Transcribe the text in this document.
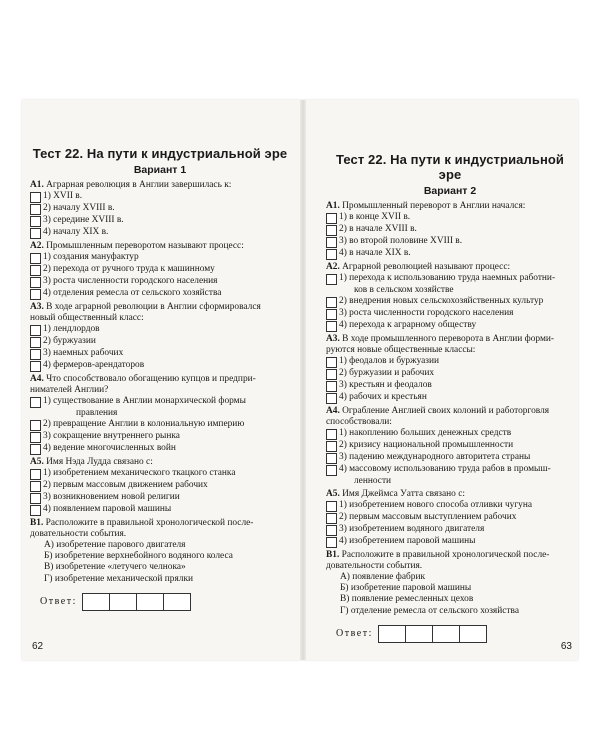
Тест 22. На пути к индустриальной эре
Вариант 1
А1. Аграрная революция в Англии завершилась к:
1) XVII в.
2) началу XVIII в.
3) середине XVIII в.
4) началу XIX в.
А2. Промышленным переворотом называют процесс:
1) создания мануфактур
2) перехода от ручного труда к машинному
3) роста численности городского населения
4) отделения ремесла от сельского хозяйства
А3. В ходе аграрной революции в Англии сформировался
новый общественный класс:
1) лендлордов
2) буржуазии
3) наемных рабочих
4) фермеров-арендаторов
А4. Что способствовало обогащению купцов и предпри-
нимателей Англии?
1) существование в Англии монархической формы
правления
2) превращение Англии в колониальную империю
3) сокращение внутреннего рынка
4) ведение многочисленных войн
А5. Имя Нэда Лудда связано с:
1) изобретением механического ткацкого станка
2) первым массовым движением рабочих
3) возникновением новой религии
4) появлением паровой машины
В1. Расположите в правильной хронологической после-
довательности события.
А) изобретение парового двигателя
Б) изобретение верхнебойного водяного колеса
В) изобретение «летучего челнока»
Г) изобретение механической прялки
Ответ:
62
Тест 22. На пути к индустриальной эре
Вариант 2
А1. Промышленный переворот в Англии начался:
1) в конце XVII в.
2) в начале XVIII в.
3) во второй половине XVIII в.
4) в начале XIX в.
А2. Аграрной революцией называют процесс:
1) перехода к использованию труда наемных работни-
ков в сельском хозяйстве
2) внедрения новых сельскохозяйственных культур
3) роста численности городского населения
4) перехода к аграрному обществу
А3. В ходе промышленного переворота в Англии форми-
руются новые общественные классы:
1) феодалов и буржуазии
2) буржуазии и рабочих
3) крестьян и феодалов
4) рабочих и крестьян
А4. Ограбление Англией своих колоний и работорговля
способствовали:
1) накоплению больших денежных средств
2) кризису национальной промышленности
3) падению международного авторитета страны
4) массовому использованию труда рабов в промыш-
ленности
А5. Имя Джеймса Уатта связано с:
1) изобретением нового способа отливки чугуна
2) первым массовым выступлением рабочих
3) изобретением водяного двигателя
4) изобретением паровой машины
В1. Расположите в правильной хронологической после-
довательности события.
А) появление фабрик
Б) изобретение паровой машины
В) появление ремесленных цехов
Г) отделение ремесла от сельского хозяйства
Ответ:
63
